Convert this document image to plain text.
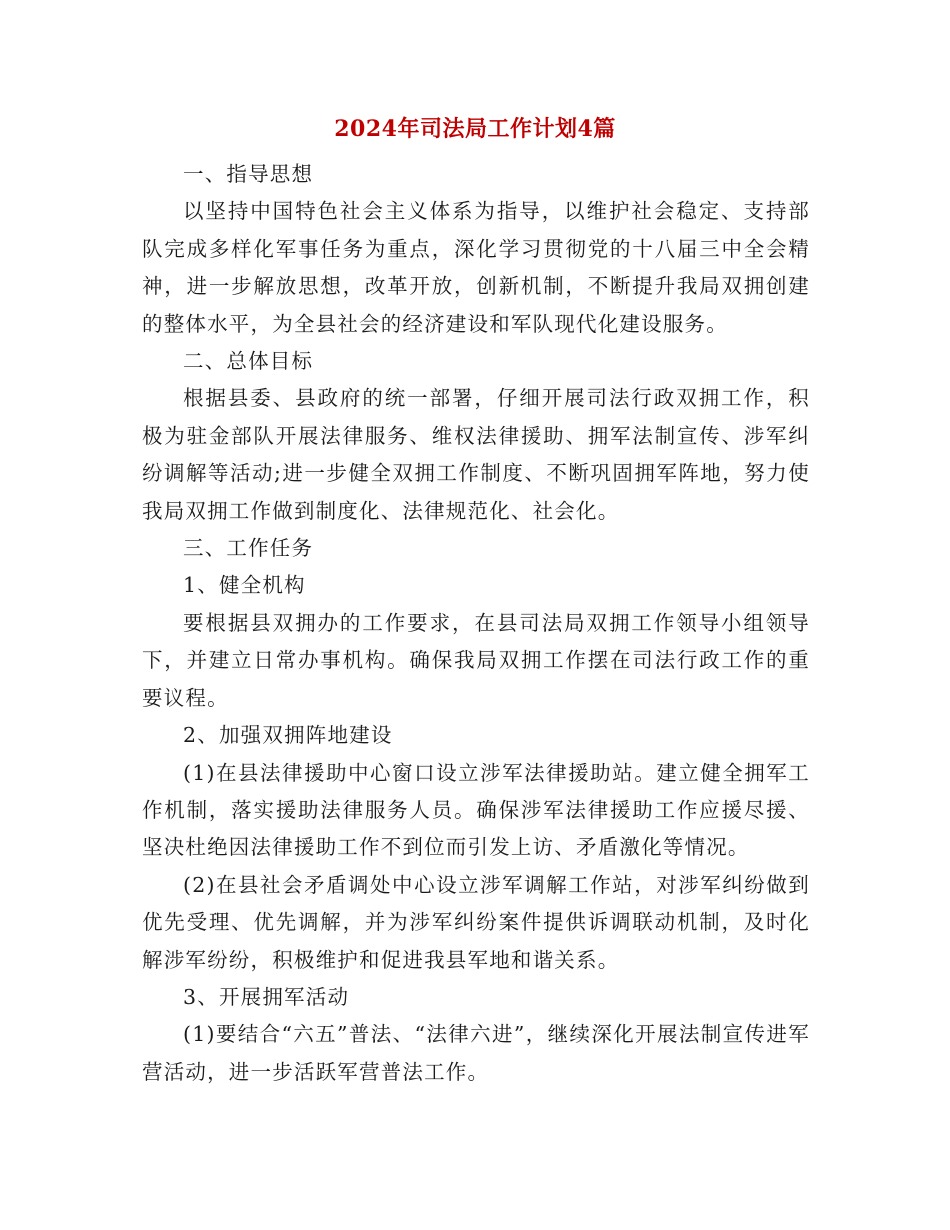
2024年司法局工作计划4篇

一、指导思想

以坚持中国特色社会主义体系为指导，以维护社会稳定、支持部队完成多样化军事任务为重点，深化学习贯彻党的十八届三中全会精神，进一步解放思想，改革开放，创新机制，不断提升我局双拥创建的整体水平，为全县社会的经济建设和军队现代化建设服务。

二、总体目标

根据县委、县政府的统一部署，仔细开展司法行政双拥工作，积极为驻金部队开展法律服务、维权法律援助、拥军法制宣传、涉军纠纷调解等活动;进一步健全双拥工作制度、不断巩固拥军阵地，努力使我局双拥工作做到制度化、法律规范化、社会化。

三、工作任务

1、健全机构

要根据县双拥办的工作要求，在县司法局双拥工作领导小组领导下，并建立日常办事机构。确保我局双拥工作摆在司法行政工作的重要议程。

2、加强双拥阵地建设

(1)在县法律援助中心窗口设立涉军法律援助站。建立健全拥军工作机制，落实援助法律服务人员。确保涉军法律援助工作应援尽援、坚决杜绝因法律援助工作不到位而引发上访、矛盾激化等情况。

(2)在县社会矛盾调处中心设立涉军调解工作站，对涉军纠纷做到优先受理、优先调解，并为涉军纠纷案件提供诉调联动机制，及时化解涉军纷纷，积极维护和促进我县军地和谐关系。

3、开展拥军活动

(1)要结合“六五”普法、“法律六进”，继续深化开展法制宣传进军营活动，进一步活跃军营普法工作。
